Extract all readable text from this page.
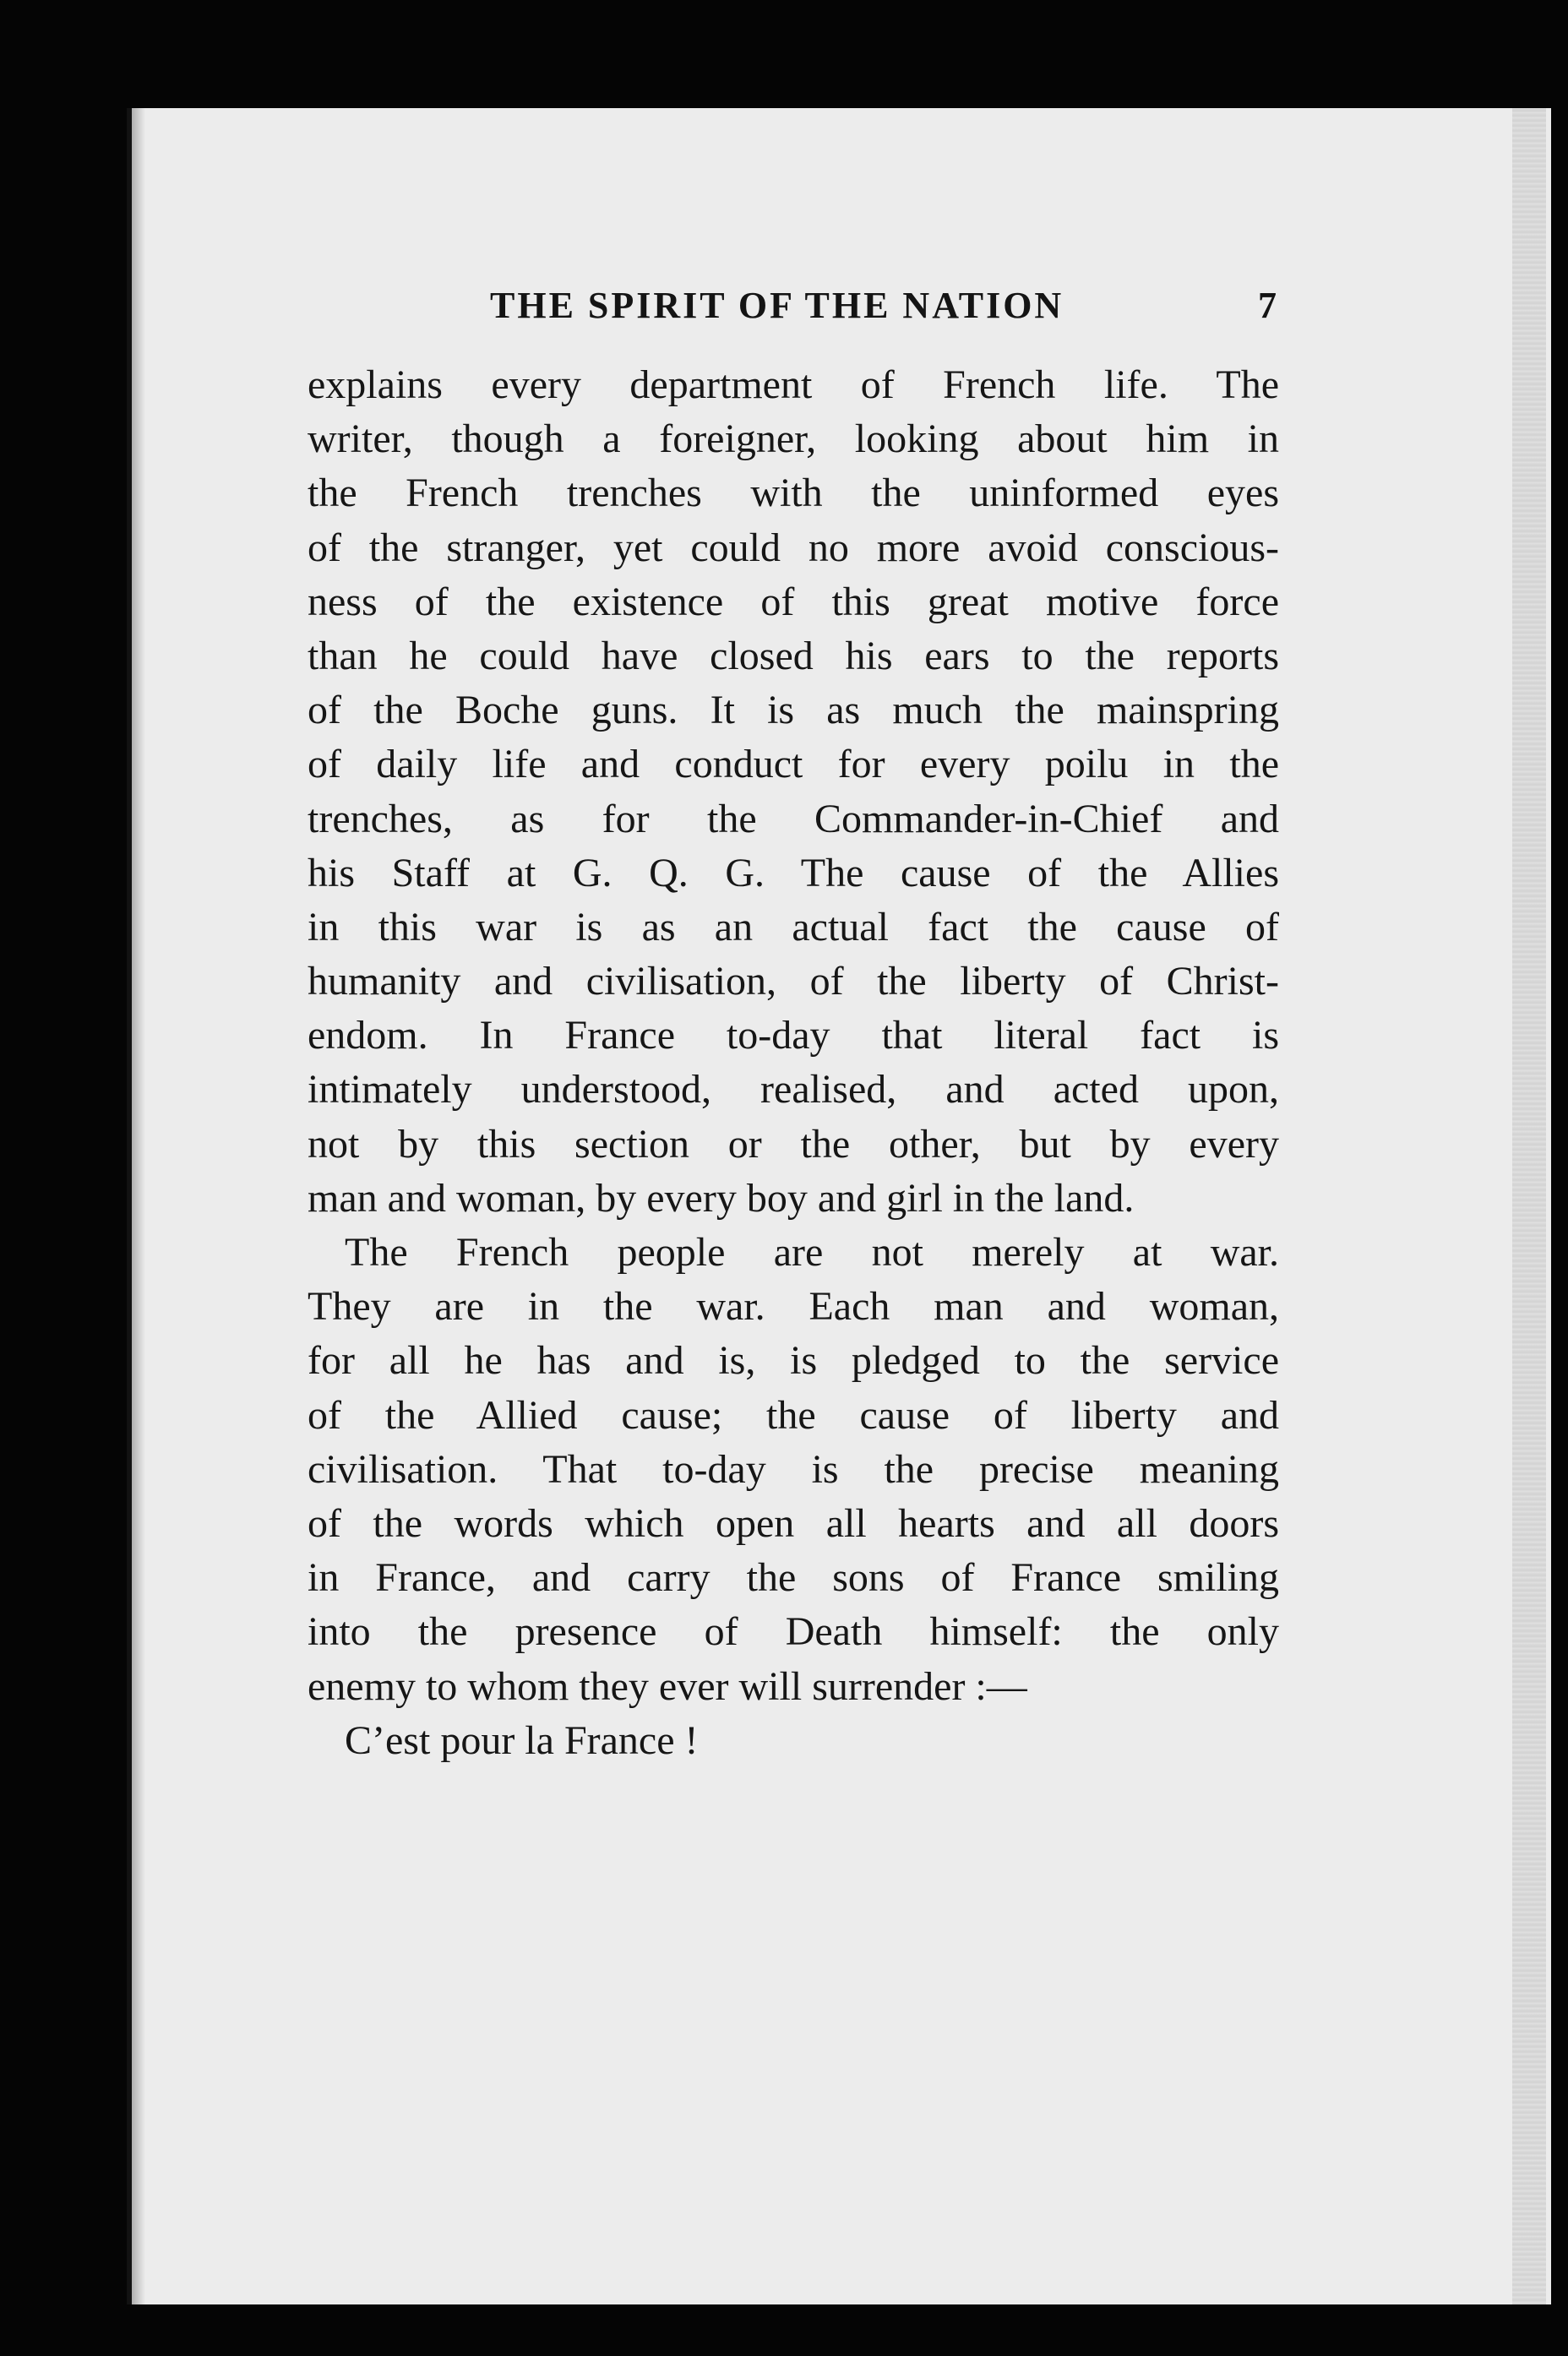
THE SPIRIT OF THE NATION	7
explains every department of French life. The
writer, though a foreigner, looking about him in
the French trenches with the uninformed eyes
of the stranger, yet could no more avoid conscious-
ness of the existence of this great motive force
than he could have closed his ears to the reports
of the Boche guns. It is as much the mainspring
of daily life and conduct for every poilu in the
trenches, as for the Commander-in-Chief and
his Staff at G. Q. G. The cause of the Allies
in this war is as an actual fact the cause of
humanity and civilisation, of the liberty of Christ-
endom. In France to-day that literal fact is
intimately understood, realised, and acted upon,
not by this section or the other, but by every
man and woman, by every boy and girl in the land.
The French people are not merely at war.
They are in the war. Each man and woman,
for all he has and is, is pledged to the service
of the Allied cause; the cause of liberty and
civilisation. That to-day is the precise meaning
of the words which open all hearts and all doors
in France, and carry the sons of France smiling
into the presence of Death himself: the only
enemy to whom they ever will surrender :—
C’est pour la France !
